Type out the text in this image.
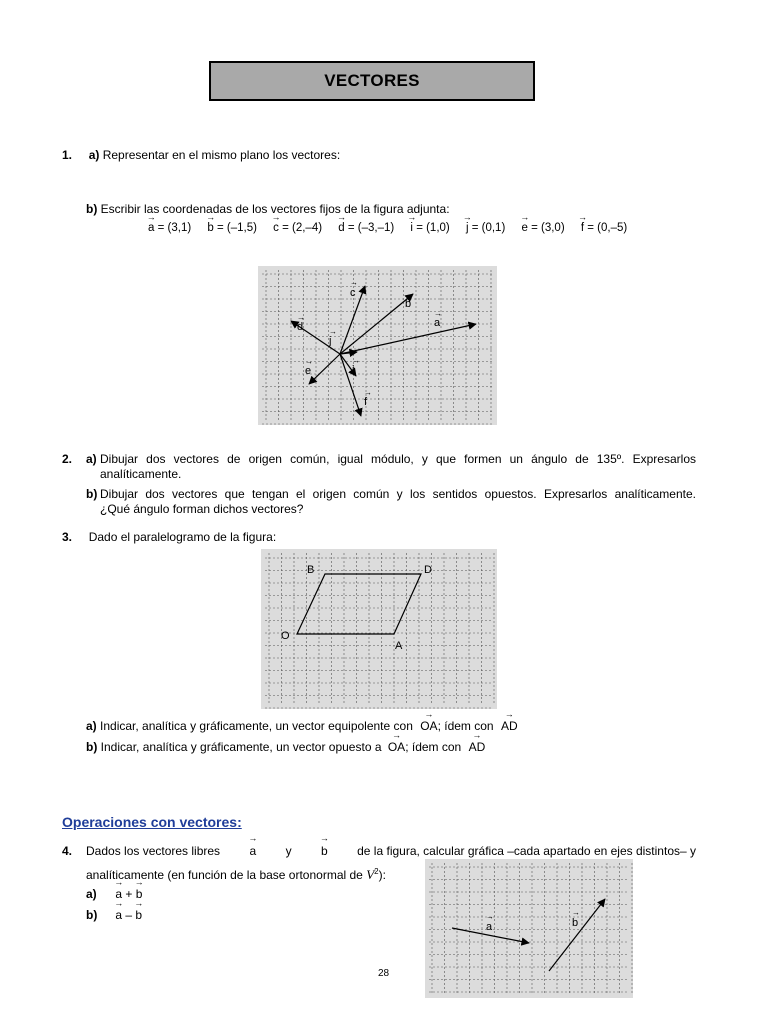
VECTORES
1. a) Representar en el mismo plano los vectores:
b) Escribir las coordenadas de los vectores fijos de la figura adjunta:
→ a = (3,1) → b = (–1,5) → c = (2,–4) → d = (–3,–1) → i = (1,0) → j = (0,1) → e = (3,0) → f = (0,–5)
c
b
a
d
j
e	i
f
→
→
→
→
→
→	→
→
2.	a) Dibujar dos vectores de origen común, igual módulo, y que formen un ángulo de 135º. Expresarlos
analíticamente.
b) Dibujar dos vectores que tengan el origen común y los sentidos opuestos. Expresarlos analíticamente.
¿Qué ángulo forman dichos vectores?
3. Dado el paralelogramo de la figura:
B	D
O
A
a) Indicar, analítica y gráficamente, un vector equipolente con → OA; ídem con → AD
b) Indicar, analítica y gráficamente, un vector opuesto a → OA; ídem con → AD
Operaciones con vectores:
4.	Dados los vectores libres → a y → b de la figura, calcular gráfica –cada apartado en ejes distintos– y
analíticamente (en función de la base ortonormal de $V^2$):
a) → a + → b
b) → a – → b
a	b
→	→
28
